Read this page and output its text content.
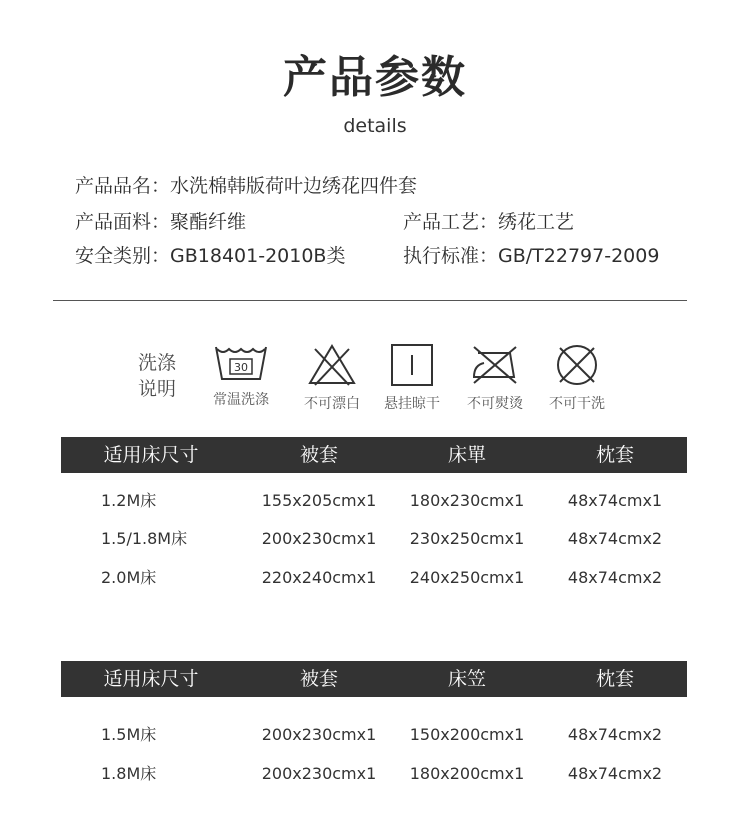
产品参数
details
产品品名：水洗棉韩版荷叶边绣花四件套
产品面料：聚酯纤维	产品工艺：绣花工艺
安全类别：GB18401-2010B类	执行标准：GB/T22797-2009
洗涤
说明
30
常温洗涤	不可漂白	悬挂晾干	不可熨烫	不可干洗
适用床尺寸	被套	床單	枕套
1.2M床	155x205cmx1	180x230cmx1	48x74cmx1
1.5/1.8M床	200x230cmx1	230x250cmx1	48x74cmx2
2.0M床	220x240cmx1	240x250cmx1	48x74cmx2
适用床尺寸	被套	床笠	枕套
1.5M床	200x230cmx1	150x200cmx1	48x74cmx2
1.8M床	200x230cmx1	180x200cmx1	48x74cmx2
